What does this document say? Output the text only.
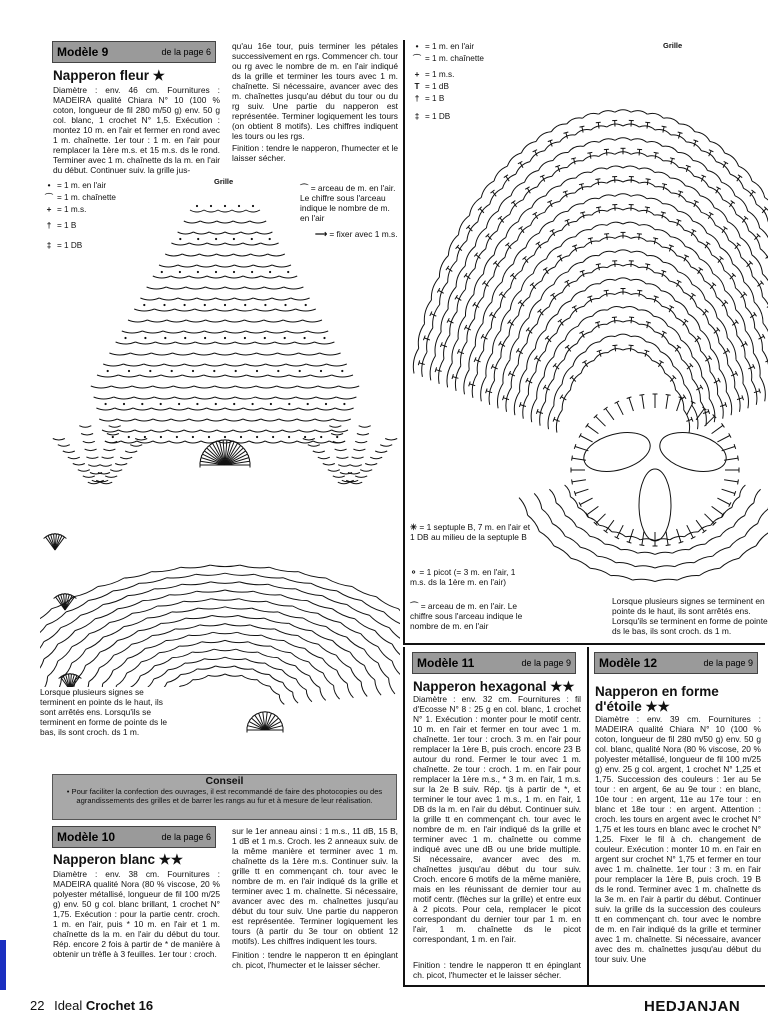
Modèle 9	de la page 6
Napperon fleur ★
Diamètre : env. 46 cm. Fournitures : MADEIRA qualité Chiara N° 10 (100 % coton, longueur de fil 280 m/50 g) env. 50 g col. blanc, 1 crochet N° 1,5. Exécution : montez 10 m. en l'air et fermer en rond avec 1 m. chaînette. 1er tour : 1 m. en l'air pour remplacer la 1ère m.s. et 15 m.s. ds le rond. Terminer avec 1 m. chaînette ds la m. en l'air du début. Continuer suiv. la grille jus-
qu'au 16e tour, puis terminer les pétales successivement en rgs. Commencer ch. tour ou rg avec le nombre de m. en l'air indiqué ds la grille et terminer les tours avec 1 m. chaînette. Si nécessaire, avancer avec des m. chaînettes jusqu'au début du tour ou du rg suiv. Une partie du napperon est représentée. Terminer logiquement les tours (on obtient 8 motifs). Les chiffres indiquent les tours ou les rgs.
Finition : tendre le napperon, l'humecter et le laisser sécher.
• = 1 m. en l'air
⌒ = 1 m. chaînette
+ = 1 m.s.
† = 1 B
‡ = 1 DB
Grille
⌒ = arceau de m. en l'air. Le chiffre sous l'arceau indique le nombre de m. en l'air
⟶ = fixer avec 1 m.s.
Lorsque plusieurs signes se terminent en pointe ds le haut, ils sont arrêtés ens. Lorsqu'ils se terminent en forme de pointe ds le bas, ils sont croch. ds 1 m.
• = 1 m. en l'air
⌒ = 1 m. chaînette
+ = 1 m.s.
T = 1 dB
† = 1 B
‡ = 1 DB
Grille
✳ = 1 septuple B, 7 m. en l'air et 1 DB au milieu de la septuple B
⚬ = 1 picot (= 3 m. en l'air, 1 m.s. ds la 1ère m. en l'air)
⌒ = arceau de m. en l'air. Le chiffre sous l'arceau indique le nombre de m. en l'air
Lorsque plusieurs signes se terminent en pointe ds le haut, ils sont arrêtés ens. Lorsqu'ils se terminent en forme de pointe ds le bas, ils sont croch. ds 1 m.
Conseil
• Pour faciliter la confection des ouvrages, il est recommandé de faire des photocopies ou des agrandissements des grilles et de barrer les rangs au fur et à mesure de leur réalisation.
Modèle 10	de la page 6
Napperon blanc ★★
Diamètre : env. 38 cm. Fournitures : MADEIRA qualité Nora (80 % viscose, 20 % polyester métallisé, longueur de fil 100 m/25 g) env. 50 g col. blanc brillant, 1 crochet N° 1,75. Exécution : pour la partie centr. croch. 1 m. en l'air, puis * 10 m. en l'air et 1 m. chaînette ds la m. en l'air du début du tour. Rép. encore 2 fois à partir de * de manière à obtenir un trèfle à 3 feuilles. 1er tour : croch.
sur le 1er anneau ainsi : 1 m.s., 11 dB, 15 B, 1 dB et 1 m.s. Croch. les 2 anneaux suiv. de la même manière et terminer avec 1 m. chaînette ds la 1ère m.s. Continuer suiv. la grille tt en commençant ch. tour avec le nombre de m. en l'air indiqué ds la grille et terminer avec 1 m. chaînette. Si nécessaire, avancer avec des m. chaînettes jusqu'au début du tour suiv. Une partie du napperon est représentée. Terminer logiquement les tours (à partir du 3e tour on obtient 12 motifs). Les chiffres indiquent les tours.
Finition : tendre le napperon tt en épinglant ch. picot, l'humecter et le laisser sécher.
Modèle 11	de la page 9
Napperon hexagonal ★★
Diamètre : env. 32 cm. Fournitures : fil d'Ecosse N° 8 : 25 g en col. blanc, 1 crochet N° 1. Exécution : monter pour le motif centr. 10 m. en l'air et fermer en tour avec 1 m. chaînette. 1er tour : croch. 3 m. en l'air pour remplacer la 1ère B, puis croch. encore 23 B autour du rond. Fermer le tour avec 1 m. chaînette. 2e tour : croch. 1 m. en l'air pour remplacer la 1ère m.s., * 3 m. en l'air, 1 m.s. sur la 2e B suiv. Rép. tjs à partir de *, et terminer le tour avec 1 m.s., 1 m. en l'air, 1 DB ds la m. en l'air du début. Continuer suiv. la grille tt en commençant ch. tour avec le nombre de m. en l'air indiqué ds la grille et terminer avec 1 m. chaînette ou comme indiqué avec une dB ou une bride multiple. Si nécessaire, avancer avec des m. chaînettes jusqu'au début du tour suiv. Croch. encore 6 motifs de la même manière, mais en les réunissant de dernier tour au motif centr. (flèches sur la grille) et entre eux à 2 picots. Pour cela, remplacer le picot correspondant du dernier tour par 1 m. en l'air, 1 m. chaînette ds le picot correspondant, 1 m. en l'air.
Finition : tendre le napperon tt en épinglant ch. picot, l'humecter et le laisser sécher.
Modèle 12	de la page 9
Napperon en forme d'étoile ★★
Diamètre : env. 39 cm. Fournitures : MADEIRA qualité Chiara N° 10 (100 % coton, longueur de fil 280 m/50 g) env. 50 g col. blanc, qualité Nora (80 % viscose, 20 % polyester métallisé, longueur de fil 100 m/25 g) env. 25 g col. argent, 1 crochet N° 1,25 et 1,75. Succession des couleurs : 1er au 5e tour : en argent, 6e au 9e tour : en blanc, 10e tour : en argent, 11e au 17e tour : en blanc et 18e tour : en argent. Attention : croch. les tours en argent avec le crochet N° 1,75 et les tours en blanc avec le crochet N° 1,25. Fixer le fil à ch. changement de couleur. Exécution : monter 10 m. en l'air en argent sur crochet N° 1,75 et fermer en tour avec 1 m. chaînette. 1er tour : 3 m. en l'air pour remplacer la 1ère B, puis croch. 19 B ds le rond. Terminer avec 1 m. chaînette ds la 3e m. en l'air à partir du début. Continuer suiv. la grille ds la succession des couleurs tt en commençant ch. tour avec le nombre de m. en l'air indiqué ds la grille et terminer avec 1 m. chaînette. Si nécessaire, avancer avec des m. chaînettes jusqu'au début du tour suiv. Une
22 Ideal Crochet 16	HEDJANJAN
